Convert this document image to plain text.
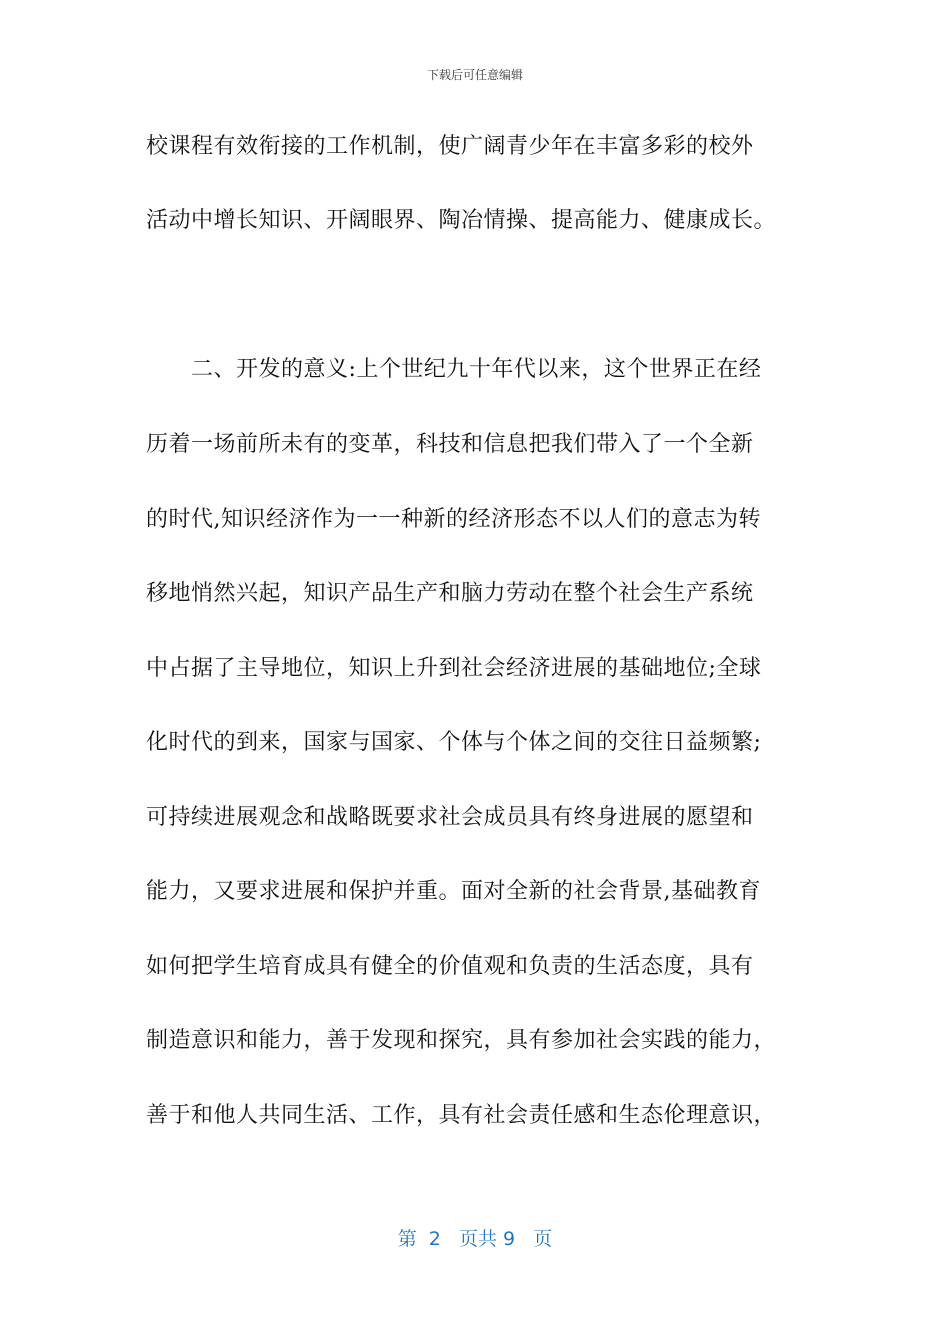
下载后可任意编辑
校课程有效衔接的工作机制，使广阔青少年在丰富多彩的校外
活动中增长知识、开阔眼界、陶冶情操、提高能力、健康成长。
　　二、开发的意义:上个世纪九十年代以来，这个世界正在经
历着一场前所未有的变革，科技和信息把我们带入了一个全新
的时代,知识经济作为一一种新的经济形态不以人们的意志为转
移地悄然兴起，知识产品生产和脑力劳动在整个社会生产系统
中占据了主导地位，知识上升到社会经济进展的基础地位;全球
化时代的到来，国家与国家、个体与个体之间的交往日益频繁;
可持续进展观念和战略既要求社会成员具有终身进展的愿望和
能力，又要求进展和保护并重。面对全新的社会背景,基础教育
如何把学生培育成具有健全的价值观和负责的生活态度，具有
制造意识和能力，善于发现和探究，具有参加社会实践的能力，
善于和他人共同生活、工作，具有社会责任感和生态伦理意识，
第  2   页共 9   页
